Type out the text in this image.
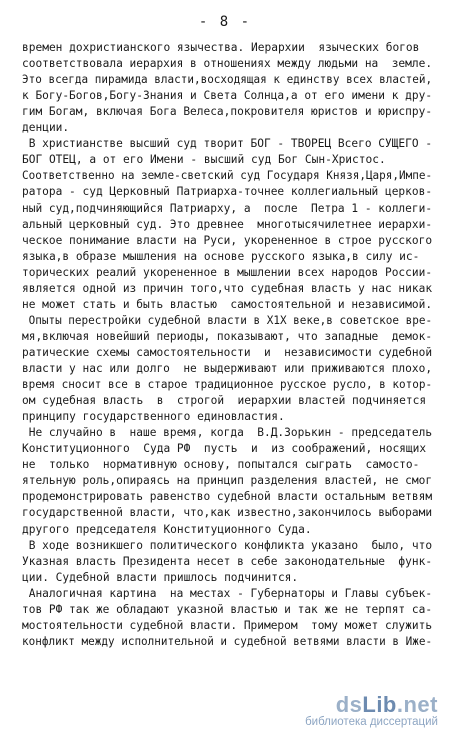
- 8 -
времен дохристианского язычества. Иерархии  языческих богов
соответствовала иерархия в отношениях между людьми на  земле.
Это всегда пирамида власти,восходящая к единству всех властей,
к Богу-Богов,Богу-Знания и Света Солнца,а от его имени к дру-
гим Богам, включая Бога Велеса,покровителя юристов и юриспру-
денции.
В христианстве высший суд творит БОГ - ТВОРЕЦ Всего СУЩЕГО -
БОГ ОТЕЦ, а от его Имени - высший суд Бог Сын-Христос.
Соответственно на земле-светский суд Государя Князя,Царя,Импе-
ратора - суд Церковный Патриарха-точнее коллегиальный церков-
ный суд,подчиняющийся Патриарху, а  после  Петра 1 - коллеги-
альный церковный суд. Это древнее  многотысячилетнее иерархи-
ческое понимание власти на Руси, укорененное в строе русского
языка,в образе мышления на основе русского языка,в силу ис-
торических реалий укорененное в мышлении всех народов России-
является одной из причин того,что судебная власть у нас никак
не может стать и быть властью  самостоятельной и независимой.
Опыты перестройки судебной власти в Х1Х веке,в советское вре-
мя,включая новейший периоды, показывают, что западные  демок-
ратические схемы самостоятельности  и  независимости судебной
власти у нас или долго  не выдерживают или приживаются плохо,
время сносит все в старое традиционное русское русло, в котор-
ом судебная власть  в  строгой  иерархии властей подчиняется
принципу государственного единовластия.
Не случайно в  наше время, когда  В.Д.Зорькин - председатель
Конституционного  Суда РФ  пусть  и  из соображений, носящих
не  только  нормативную основу, попытался сыграть  самосто-
ятельную роль,опираясь на принцип разделения властей, не смог
продемонстрировать равенство судебной власти остальным ветвям
государственной власти, что,как известно,закончилось выборами
другого председателя Конституционного Суда.
В ходе возникшего политического конфликта указано  было, что
Указная власть Президента несет в себе законодательные  функ-
ции. Судебной власти пришлось подчинится.
Аналогичная картина  на местах - Губернаторы и Главы субъек-
тов РФ так же обладают указной властью и так же не терпят са-
мостоятельности судебной власти. Примером  тому может служить
конфликт между исполнительной и судебной ветвями власти в Иже-
dsLib.net
библиотека диссертаций
